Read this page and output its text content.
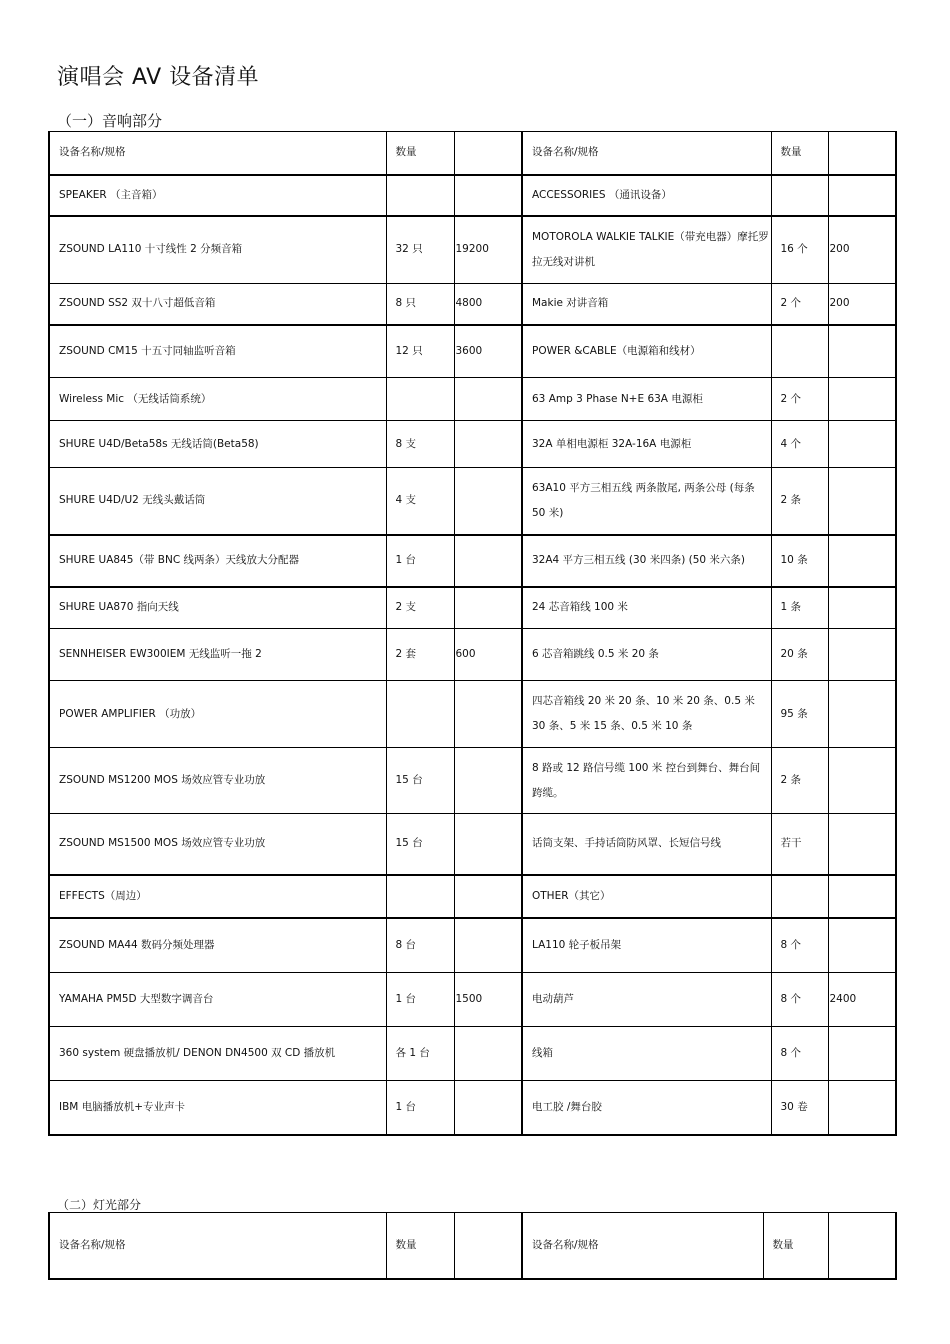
演唱会 AV 设备清单
（一）音响部分
设备名称/规格	数量		设备名称/规格	数量	
SPEAKER （主音箱）			ACCESSORIES （通讯设备）		
ZSOUND LA110 十寸线性 2 分频音箱	32 只	19200	MOTOROLA WALKIE TALKIE（带充电器）摩托罗拉无线对讲机	16 个	200
ZSOUND SS2 双十八寸超低音箱	8 只	4800	Makie 对讲音箱	2 个	200
ZSOUND CM15 十五寸同轴监听音箱	12 只	3600	POWER &CABLE（电源箱和线材）		
Wireless Mic （无线话筒系统）			63 Amp 3 Phase N+E 63A 电源柜	2 个	
SHURE U4D/Beta58s 无线话筒(Beta58)	8 支		32A 单相电源柜 32A-16A 电源柜	4 个	
SHURE U4D/U2 无线头戴话筒	4 支		63A10 平方三相五线 两条散尾, 两条公母 (每条 50 米)	2 条	
SHURE UA845（带 BNC 线两条）天线放大分配器	1 台		32A4 平方三相五线 (30 米四条) (50 米六条)	10 条	
SHURE UA870 指向天线	2 支		24 芯音箱线 100 米	1 条	
SENNHEISER EW300IEM 无线监听一拖 2	2 套	600	6 芯音箱跳线 0.5 米 20 条	20 条	
POWER AMPLIFIER （功放）			四芯音箱线 20 米 20 条、10 米 20 条、0.5 米 30 条、5 米 15 条、0.5 米 10 条	95 条	
ZSOUND MS1200 MOS 场效应管专业功放	15 台		8 路或 12 路信号缆 100 米 控台到舞台、舞台间跨缆。	2 条	
ZSOUND MS1500 MOS 场效应管专业功放	15 台		话筒支架、手持话筒防风罩、长短信号线	若干	
EFFECTS（周边）			OTHER（其它）		
ZSOUND MA44 数码分频处理器	8 台		LA110 轮子板吊架	8 个	
YAMAHA PM5D 大型数字调音台	1 台	1500	电动葫芦	8 个	2400
360 system 硬盘播放机/ DENON DN4500 双 CD 播放机	各 1 台		线箱	8 个	
IBM 电脑播放机+专业声卡	1 台		电工胶 /舞台胶	30 卷	
（二）灯光部分
设备名称/规格	数量		设备名称/规格	数量	
